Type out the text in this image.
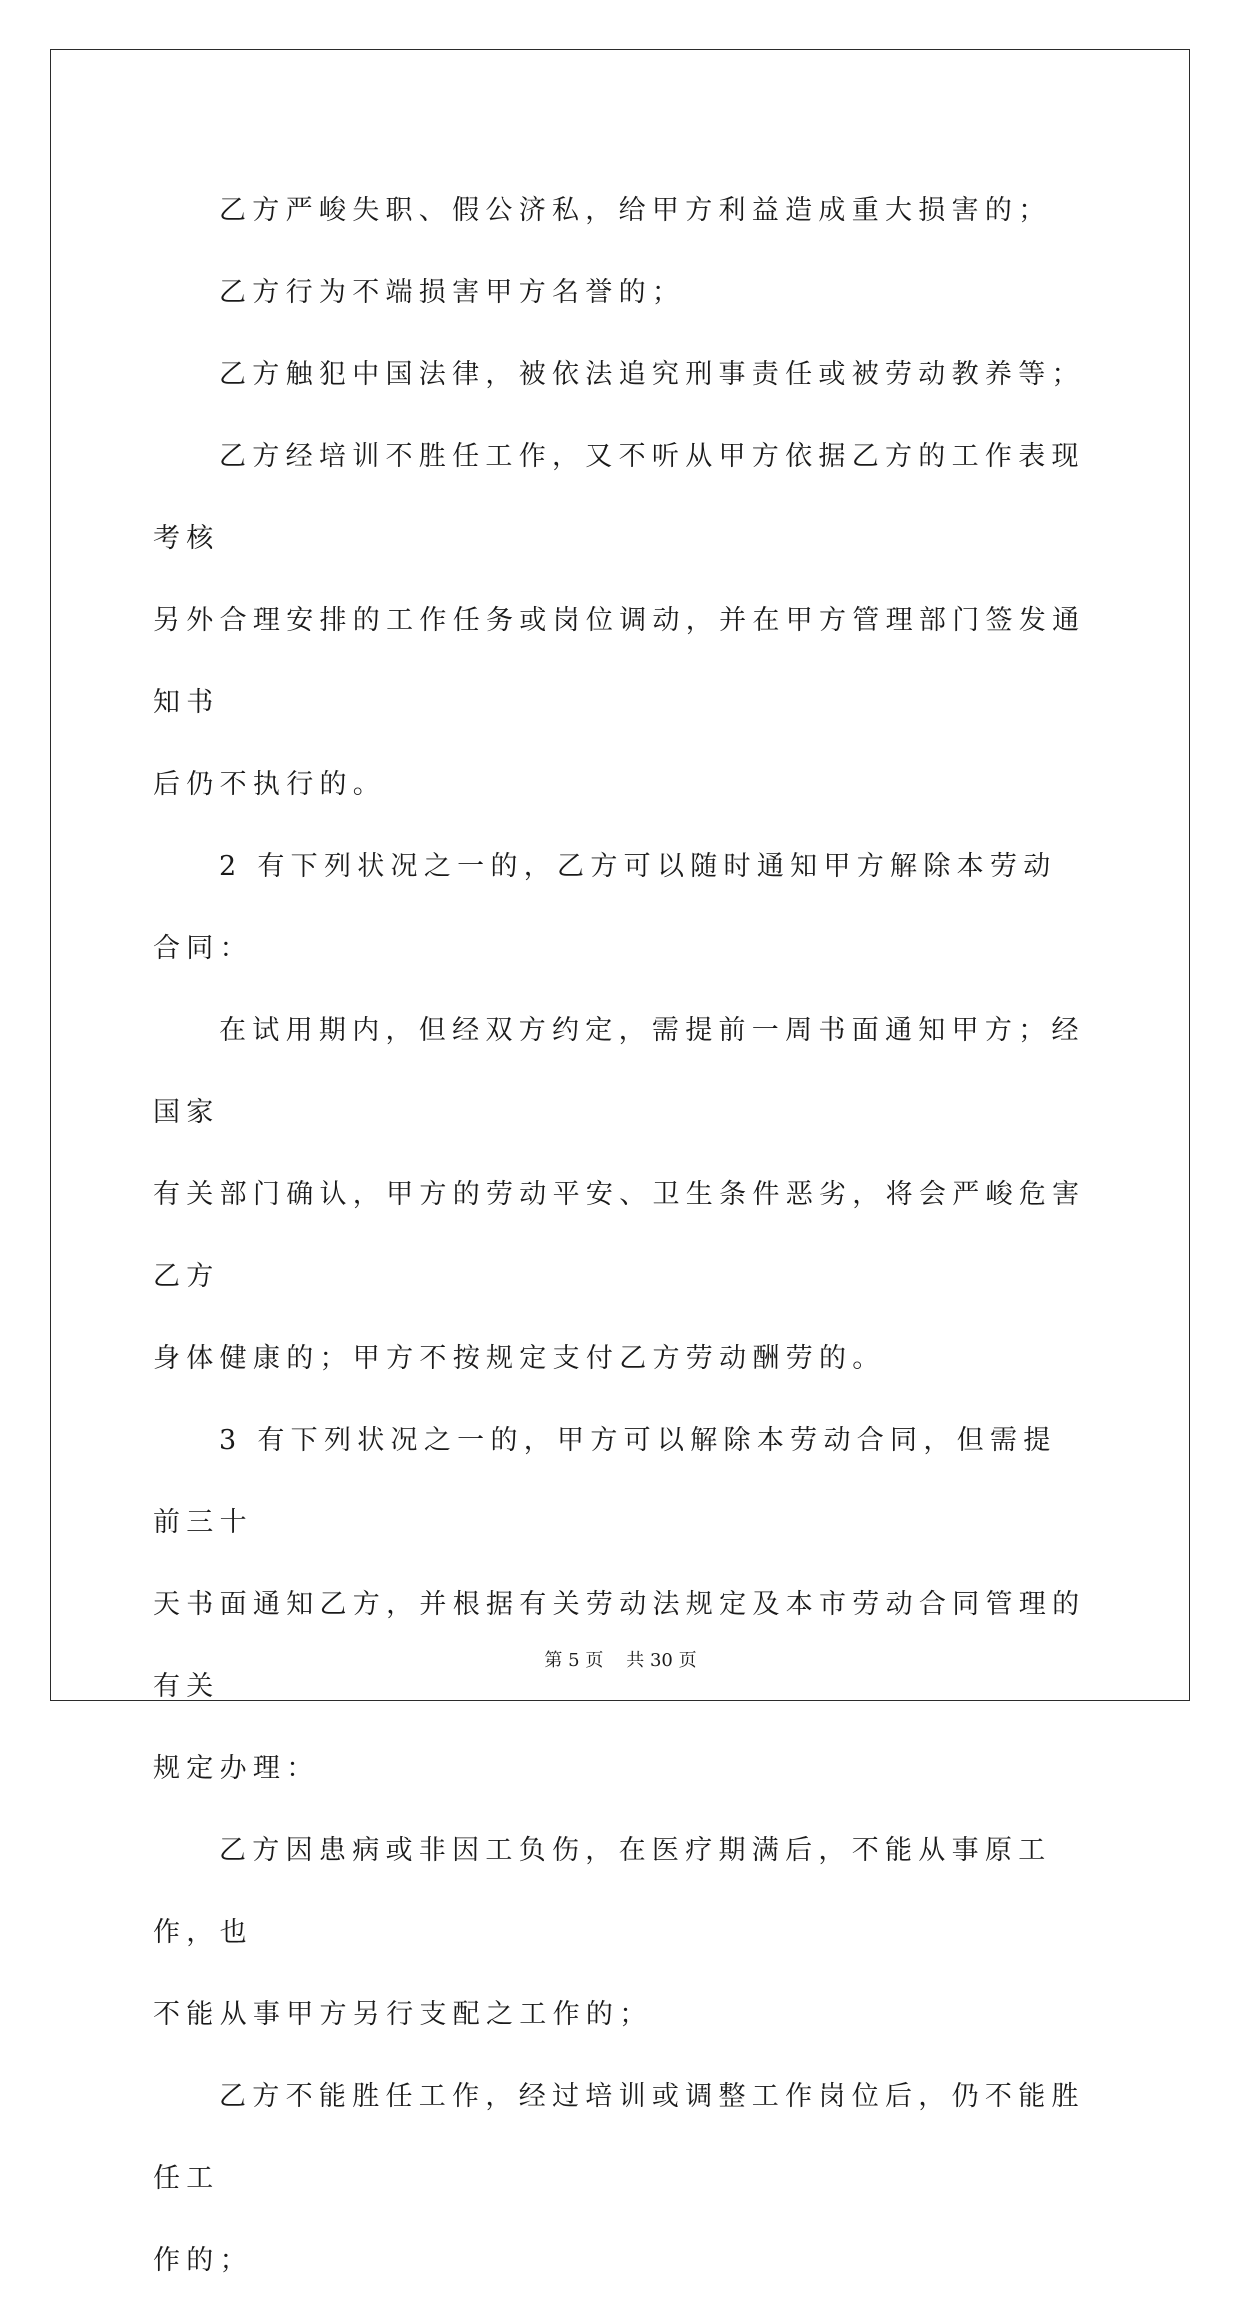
乙方严峻失职、假公济私，给甲方利益造成重大损害的；

乙方行为不端损害甲方名誉的；

乙方触犯中国法律，被依法追究刑事责任或被劳动教养等；

乙方经培训不胜任工作，又不听从甲方依据乙方的工作表现考核

另外合理安排的工作任务或岗位调动，并在甲方管理部门签发通知书

后仍不执行的。

2 有下列状况之一的，乙方可以随时通知甲方解除本劳动合同：

在试用期内，但经双方约定，需提前一周书面通知甲方；经国家

有关部门确认，甲方的劳动平安、卫生条件恶劣，将会严峻危害乙方

身体健康的；甲方不按规定支付乙方劳动酬劳的。

3 有下列状况之一的，甲方可以解除本劳动合同，但需提前三十

天书面通知乙方，并根据有关劳动法规定及本市劳动合同管理的有关

规定办理：

乙方因患病或非因工负伤，在医疗期满后，不能从事原工作，也

不能从事甲方另行支配之工作的；

乙方不能胜任工作，经过培训或调整工作岗位后，仍不能胜任工

作的；

第 5 页 共 30 页
